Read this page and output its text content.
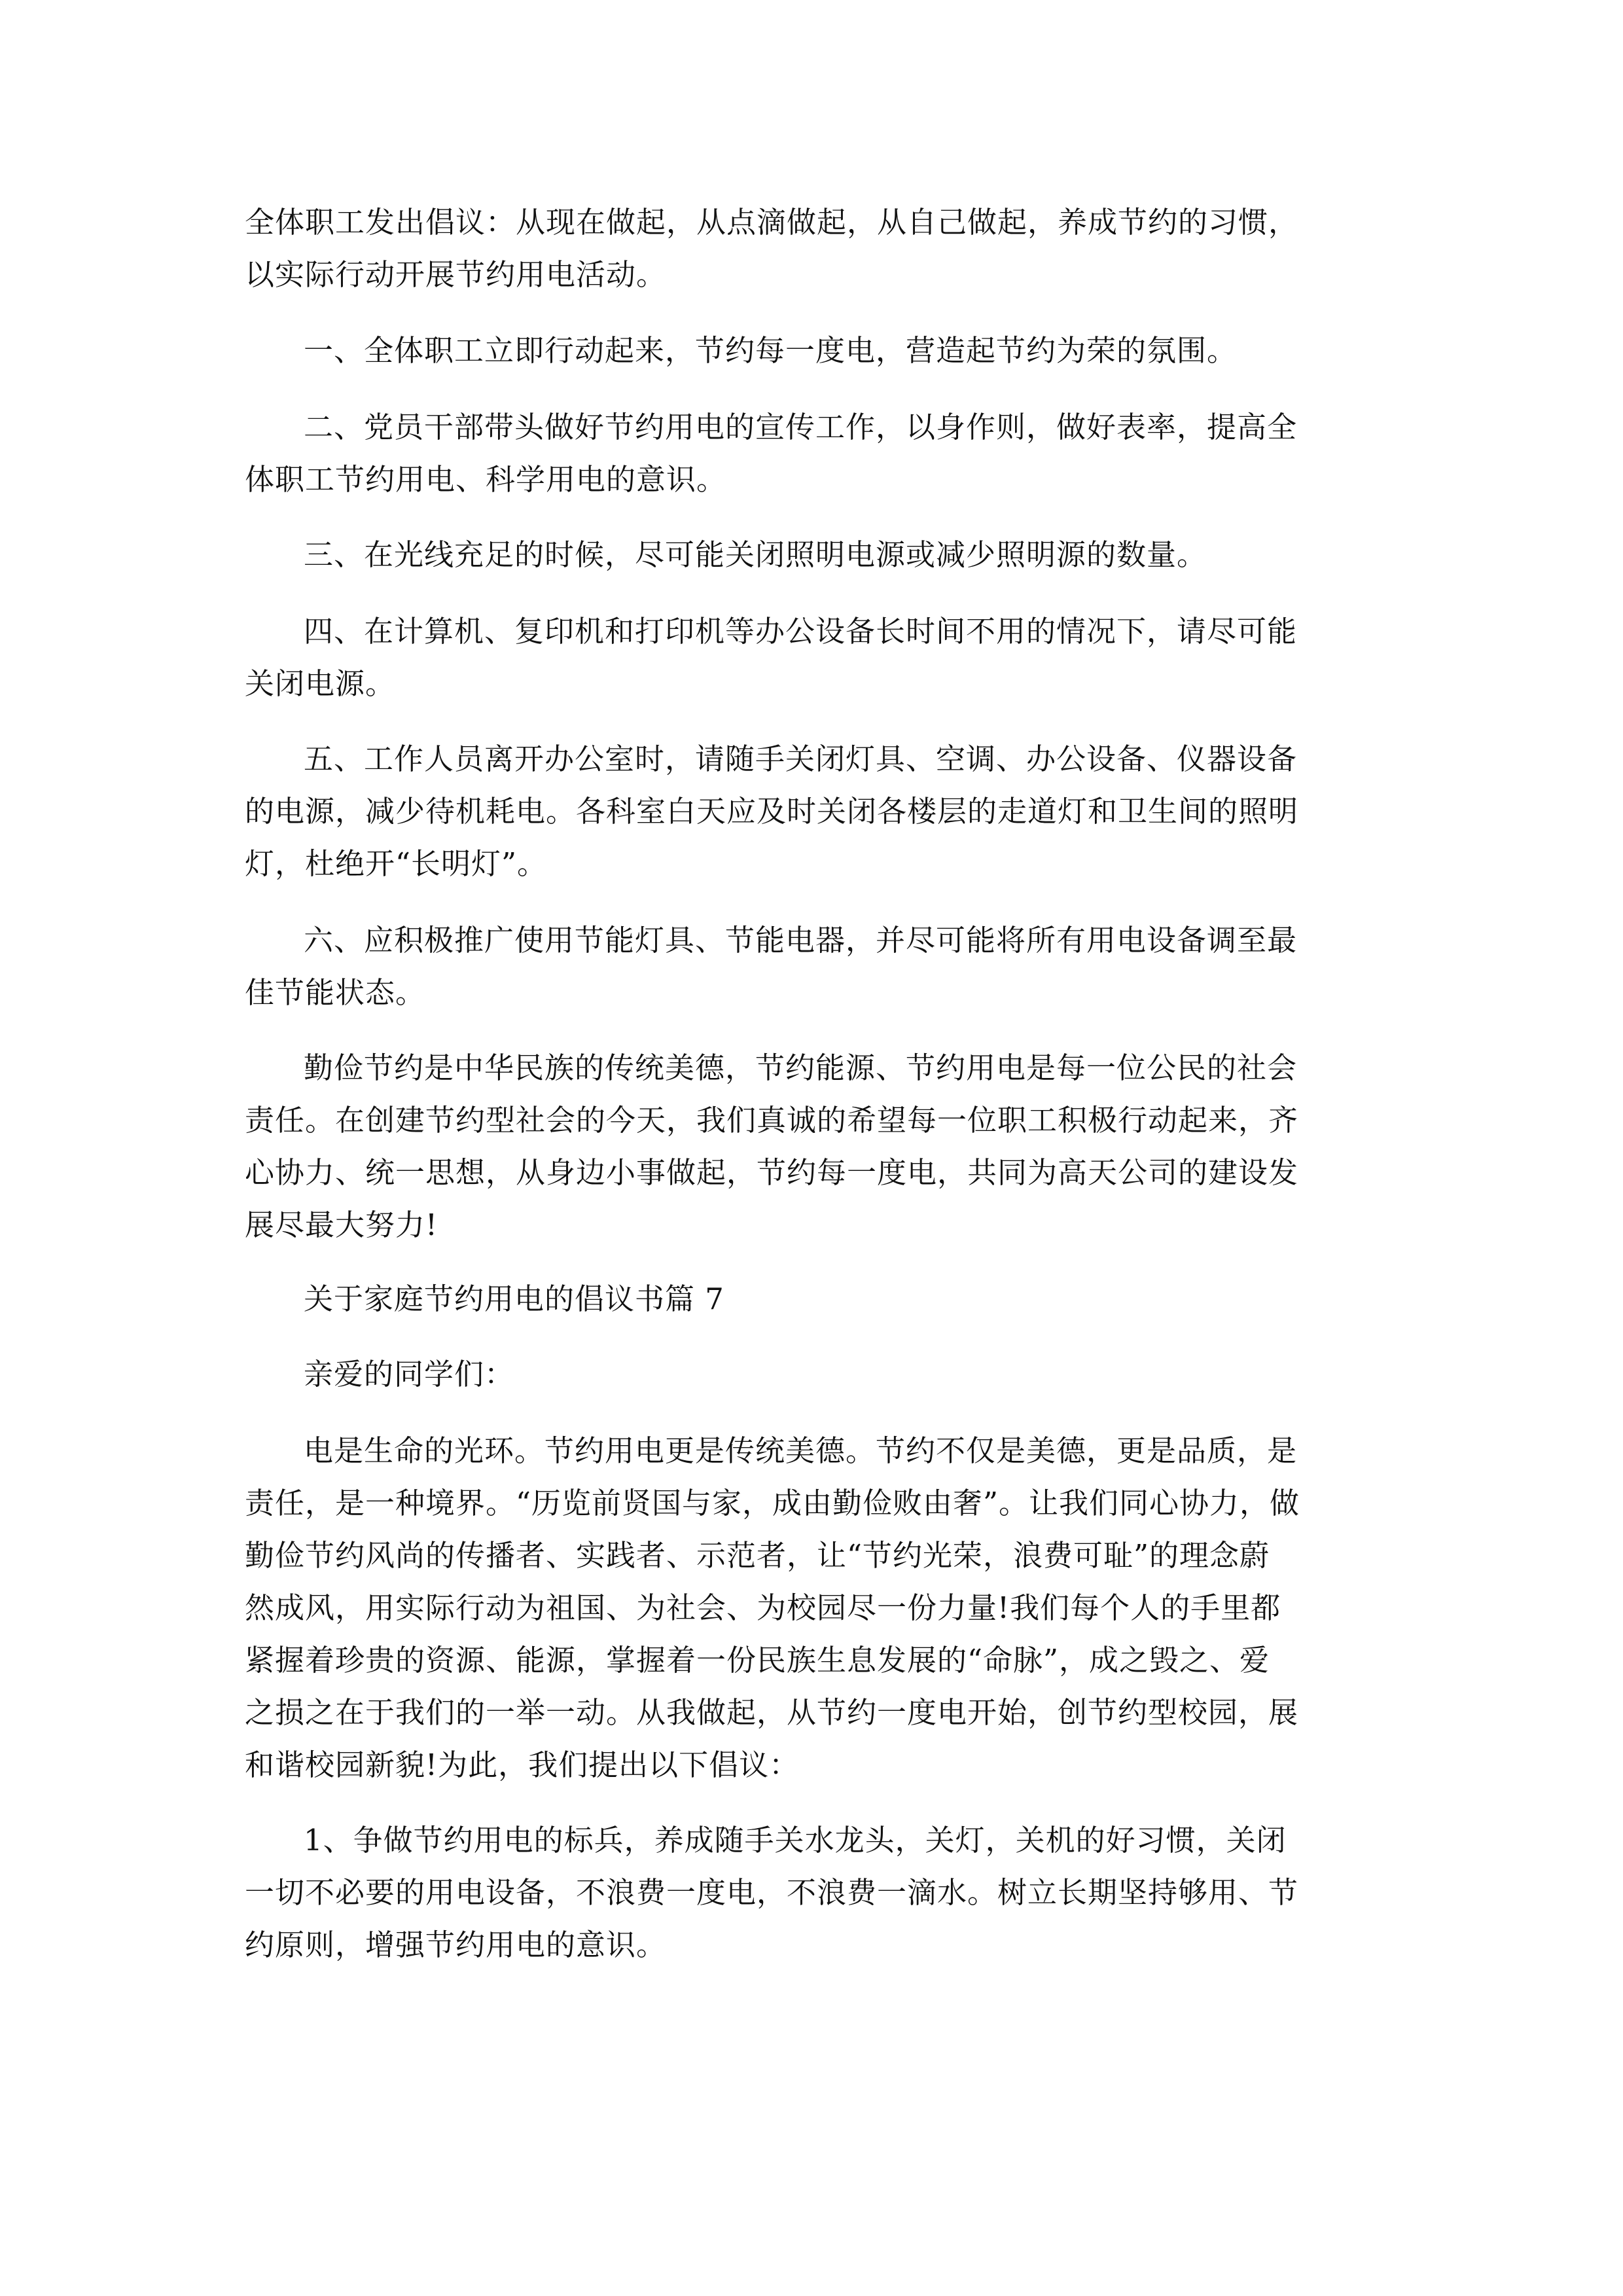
全体职工发出倡议：从现在做起，从点滴做起，从自己做起，养成节约的习惯，
以实际行动开展节约用电活动。
一、全体职工立即行动起来，节约每一度电，营造起节约为荣的氛围。
二、党员干部带头做好节约用电的宣传工作，以身作则，做好表率，提高全
体职工节约用电、科学用电的意识。
三、在光线充足的时候，尽可能关闭照明电源或减少照明源的数量。
四、在计算机、复印机和打印机等办公设备长时间不用的情况下，请尽可能
关闭电源。
五、工作人员离开办公室时，请随手关闭灯具、空调、办公设备、仪器设备
的电源，减少待机耗电。各科室白天应及时关闭各楼层的走道灯和卫生间的照明
灯，杜绝开“长明灯”。
六、应积极推广使用节能灯具、节能电器，并尽可能将所有用电设备调至最
佳节能状态。
勤俭节约是中华民族的传统美德，节约能源、节约用电是每一位公民的社会
责任。在创建节约型社会的今天，我们真诚的希望每一位职工积极行动起来，齐
心协力、统一思想，从身边小事做起，节约每一度电，共同为高天公司的建设发
展尽最大努力!
关于家庭节约用电的倡议书篇 7
亲爱的同学们：
电是生命的光环。节约用电更是传统美德。节约不仅是美德，更是品质，是
责任，是一种境界。“历览前贤国与家，成由勤俭败由奢”。让我们同心协力，做
勤俭节约风尚的传播者、实践者、示范者，让“节约光荣，浪费可耻”的理念蔚
然成风，用实际行动为祖国、为社会、为校园尽一份力量!我们每个人的手里都
紧握着珍贵的资源、能源，掌握着一份民族生息发展的“命脉”，成之毁之、爱
之损之在于我们的一举一动。从我做起，从节约一度电开始，创节约型校园，展
和谐校园新貌!为此，我们提出以下倡议：
1、争做节约用电的标兵，养成随手关水龙头，关灯，关机的好习惯，关闭
一切不必要的用电设备，不浪费一度电，不浪费一滴水。树立长期坚持够用、节
约原则，增强节约用电的意识。
